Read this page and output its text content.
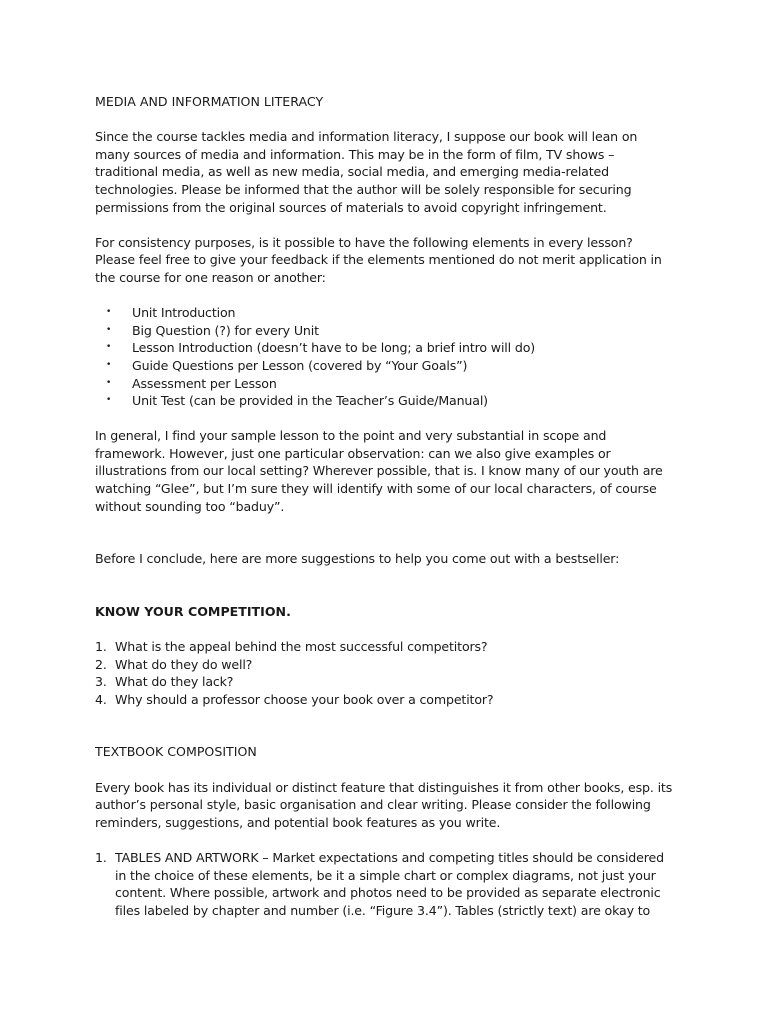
MEDIA AND INFORMATION LITERACY

Since the course tackles media and information literacy, I suppose our book will lean on many sources of media and information. This may be in the form of film, TV shows – traditional media, as well as new media, social media, and emerging media-related technologies. Please be informed that the author will be solely responsible for securing permissions from the original sources of materials to avoid copyright infringement.

For consistency purposes, is it possible to have the following elements in every lesson? Please feel free to give your feedback if the elements mentioned do not merit application in the course for one reason or another:

• Unit Introduction
• Big Question (?) for every Unit
• Lesson Introduction (doesn’t have to be long; a brief intro will do)
• Guide Questions per Lesson (covered by “Your Goals”)
• Assessment per Lesson
• Unit Test (can be provided in the Teacher’s Guide/Manual)

In general, I find your sample lesson to the point and very substantial in scope and framework. However, just one particular observation: can we also give examples or illustrations from our local setting? Wherever possible, that is. I know many of our youth are watching “Glee”, but I’m sure they will identify with some of our local characters, of course without sounding too “baduy”.

Before I conclude, here are more suggestions to help you come out with a bestseller:

KNOW YOUR COMPETITION.
1. What is the appeal behind the most successful competitors?
2. What do they do well?
3. What do they lack?
4. Why should a professor choose your book over a competitor?
TEXTBOOK COMPOSITION

Every book has its individual or distinct feature that distinguishes it from other books, esp. its author’s personal style, basic organisation and clear writing. Please consider the following reminders, suggestions, and potential book features as you write.

1. TABLES AND ARTWORK – Market expectations and competing titles should be considered in the choice of these elements, be it a simple chart or complex diagrams, not just your content. Where possible, artwork and photos need to be provided as separate electronic files labeled by chapter and number (i.e. “Figure 3.4”). Tables (strictly text) are okay to
